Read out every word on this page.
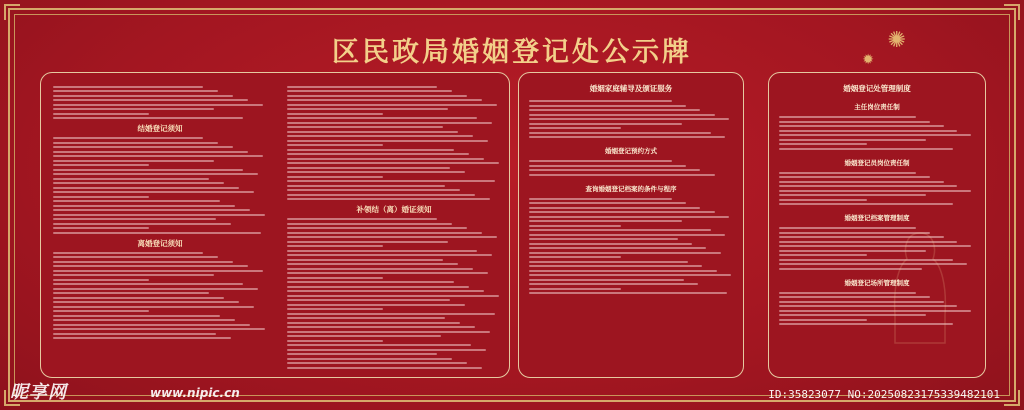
区民政局婚姻登记处公示牌	✺
✹
结婚登记须知
离婚登记须知
补领结（离）婚证须知
婚姻家庭辅导及颁证服务
婚姻登记预约方式
查询婚姻登记档案的条件与程序
婚姻登记处管理制度
主任岗位责任制
婚姻登记员岗位责任制
婚姻登记档案管理制度
婚姻登记场所管理制度
昵享网	www.nipic.cn	ID:35823077 NO:20250823175339482101
